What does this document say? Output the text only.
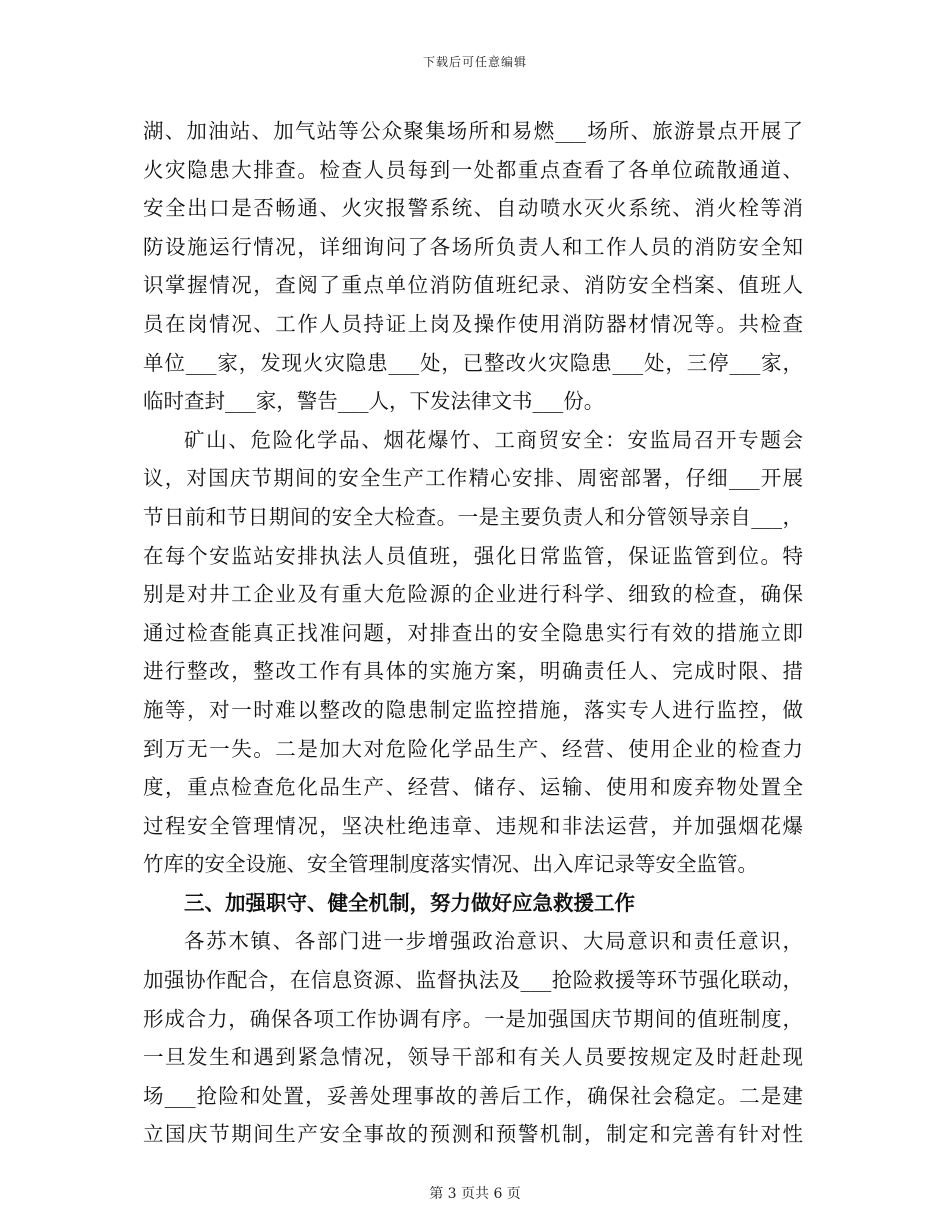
下载后可任意编辑
湖、加油站、加气站等公众聚集场所和易燃___场所、旅游景点开展了
火灾隐患大排查。检查人员每到一处都重点查看了各单位疏散通道、
安全出口是否畅通、火灾报警系统、自动喷水灭火系统、消火栓等消
防设施运行情况，详细询问了各场所负责人和工作人员的消防安全知
识掌握情况，查阅了重点单位消防值班纪录、消防安全档案、值班人
员在岗情况、工作人员持证上岗及操作使用消防器材情况等。共检查
单位___家，发现火灾隐患___处，已整改火灾隐患___处，三停___家，
临时查封___家，警告___人，下发法律文书___份。
矿山、危险化学品、烟花爆竹、工商贸安全：安监局召开专题会
议，对国庆节期间的安全生产工作精心安排、周密部署，仔细___开展
节日前和节日期间的安全大检查。一是主要负责人和分管领导亲自___，
在每个安监站安排执法人员值班，强化日常监管，保证监管到位。特
别是对井工企业及有重大危险源的企业进行科学、细致的检查，确保
通过检查能真正找准问题，对排查出的安全隐患实行有效的措施立即
进行整改，整改工作有具体的实施方案，明确责任人、完成时限、措
施等，对一时难以整改的隐患制定监控措施，落实专人进行监控，做
到万无一失。二是加大对危险化学品生产、经营、使用企业的检查力
度，重点检查危化品生产、经营、储存、运输、使用和废弃物处置全
过程安全管理情况，坚决杜绝违章、违规和非法运营，并加强烟花爆
竹库的安全设施、安全管理制度落实情况、出入库记录等安全监管。
三、加强职守、健全机制，努力做好应急救援工作
各苏木镇、各部门进一步增强政治意识、大局意识和责任意识，
加强协作配合，在信息资源、监督执法及___抢险救援等环节强化联动，
形成合力，确保各项工作协调有序。一是加强国庆节期间的值班制度，
一旦发生和遇到紧急情况，领导干部和有关人员要按规定及时赶赴现
场___抢险和处置，妥善处理事故的善后工作，确保社会稳定。二是建
立国庆节期间生产安全事故的预测和预警机制，制定和完善有针对性
第 3 页共 6 页
